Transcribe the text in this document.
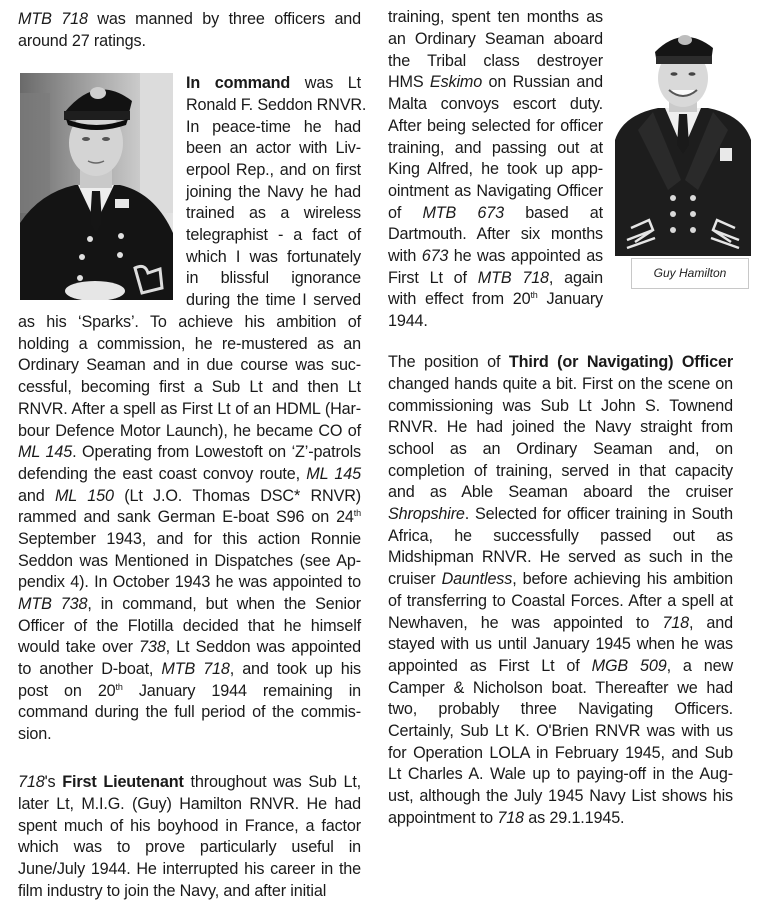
MTB 718 was manned by three officers and
around 27 ratings.
In command was Lt
Ronald F. Seddon RNVR.
In peace-time he had
been an actor with Liv-
erpool Rep., and on first
joining the Navy he had
trained as a wireless
telegraphist - a fact of
which I was fortunately
in blissful ignorance
during the time I served
as his ‘Sparks’. To achieve his ambition of
holding a commission, he re-mustered as an
Ordinary Seaman and in due course was suc-
cessful, becoming first a Sub Lt and then Lt
RNVR. After a spell as First Lt of an HDML (Har-
bour Defence Motor Launch), he became CO of
ML 145. Operating from Lowestoft on ‘Z’-patrols
defending the east coast convoy route, ML 145
and ML 150 (Lt J.O. Thomas DSC* RNVR)
rammed and sank German E-boat S96 on 24th
September 1943, and for this action Ronnie
Seddon was Mentioned in Dispatches (see Ap-
pendix 4). In October 1943 he was appointed to
MTB 738, in command, but when the Senior
Officer of the Flotilla decided that he himself
would take over 738, Lt Seddon was appointed
to another D-boat, MTB 718, and took up his
post on 20th January 1944 remaining in
command during the full period of the commis-
sion.
718's First Lieutenant throughout was Sub Lt,
later Lt, M.I.G. (Guy) Hamilton RNVR. He had
spent much of his boyhood in France, a factor
which was to prove particularly useful in
June/July 1944. He interrupted his career in the
film industry to join the Navy, and after initial
training, spent ten months as
an Ordinary Seaman aboard
the Tribal class destroyer
HMS Eskimo on Russian and
Malta convoys escort duty.
After being selected for officer
training, and passing out at
King Alfred, he took up app-
ointment as Navigating Officer
of MTB 673 based at
Dartmouth. After six months
with 673 he was appointed as
First Lt of MTB 718, again
with effect from 20th January
1944.
Guy Hamilton
The position of Third (or Navigating) Officer
changed hands quite a bit. First on the scene on
commissioning was Sub Lt John S. Townend
RNVR. He had joined the Navy straight from
school as an Ordinary Seaman and, on
completion of training, served in that capacity
and as Able Seaman aboard the cruiser
Shropshire. Selected for officer training in South
Africa, he successfully passed out as
Midshipman RNVR. He served as such in the
cruiser Dauntless, before achieving his ambition
of transferring to Coastal Forces. After a spell at
Newhaven, he was appointed to 718, and
stayed with us until January 1945 when he was
appointed as First Lt of MGB 509, a new
Camper & Nicholson boat. Thereafter we had
two, probably three Navigating Officers.
Certainly, Sub Lt K. O'Brien RNVR was with us
for Operation LOLA in February 1945, and Sub
Lt Charles A. Wale up to paying-off in the Aug-
ust, although the July 1945 Navy List shows his
appointment to 718 as 29.1.1945.
